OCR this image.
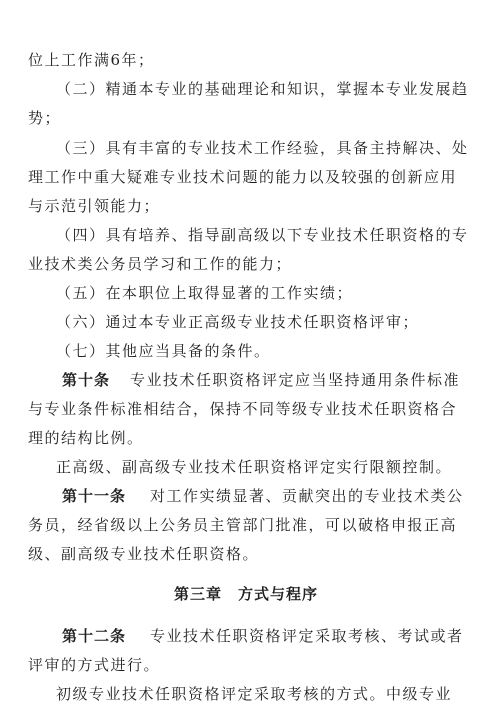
位上工作满6年；
（二）精通本专业的基础理论和知识，掌握本专业发展趋
势；
（三）具有丰富的专业技术工作经验，具备主持解决、处
理工作中重大疑难专业技术问题的能力以及较强的创新应用
与示范引领能力；
（四）具有培养、指导副高级以下专业技术任职资格的专
业技术类公务员学习和工作的能力；
（五）在本职位上取得显著的工作实绩；
（六）通过本专业正高级专业技术任职资格评审；
（七）其他应当具备的条件。
第十条 专业技术任职资格评定应当坚持通用条件标准
与专业条件标准相结合，保持不同等级专业技术任职资格合
理的结构比例。
正高级、副高级专业技术任职资格评定实行限额控制。
第十一条 对工作实绩显著、贡献突出的专业技术类公
务员，经省级以上公务员主管部门批准，可以破格申报正高
级、副高级专业技术任职资格。
第三章　方式与程序
第十二条 专业技术任职资格评定采取考核、考试或者
评审的方式进行。
初级专业技术任职资格评定采取考核的方式。中级专业
